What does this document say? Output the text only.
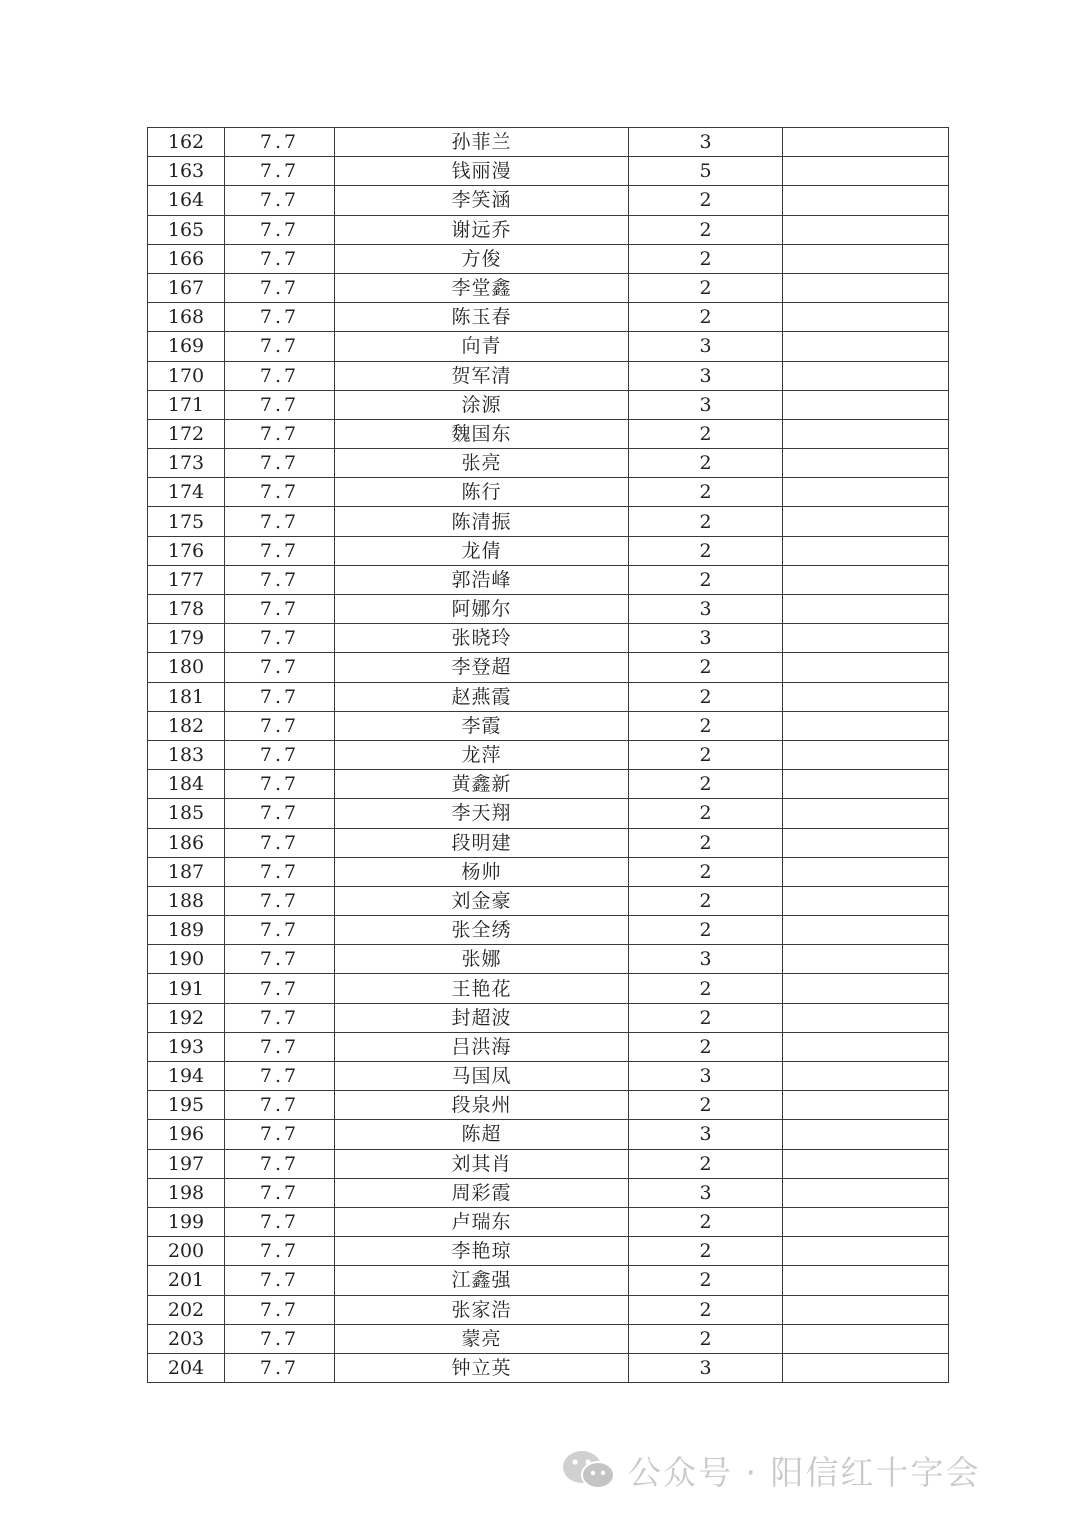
162	7.7	孙菲兰	3	
163	7.7	钱丽漫	5	
164	7.7	李笑涵	2	
165	7.7	谢远乔	2	
166	7.7	方俊	2	
167	7.7	李堂鑫	2	
168	7.7	陈玉春	2	
169	7.7	向青	3	
170	7.7	贺军清	3	
171	7.7	涂源	3	
172	7.7	魏国东	2	
173	7.7	张亮	2	
174	7.7	陈行	2	
175	7.7	陈清振	2	
176	7.7	龙倩	2	
177	7.7	郭浩峰	2	
178	7.7	阿娜尔	3	
179	7.7	张晓玲	3	
180	7.7	李登超	2	
181	7.7	赵燕霞	2	
182	7.7	李霞	2	
183	7.7	龙萍	2	
184	7.7	黄鑫新	2	
185	7.7	李天翔	2	
186	7.7	段明建	2	
187	7.7	杨帅	2	
188	7.7	刘金豪	2	
189	7.7	张全绣	2	
190	7.7	张娜	3	
191	7.7	王艳花	2	
192	7.7	封超波	2	
193	7.7	吕洪海	2	
194	7.7	马国凤	3	
195	7.7	段泉州	2	
196	7.7	陈超	3	
197	7.7	刘其肖	2	
198	7.7	周彩霞	3	
199	7.7	卢瑞东	2	
200	7.7	李艳琼	2	
201	7.7	江鑫强	2	
202	7.7	张家浩	2	
203	7.7	蒙亮	2	
204	7.7	钟立英	3	
公众号 · 阳信红十字会
